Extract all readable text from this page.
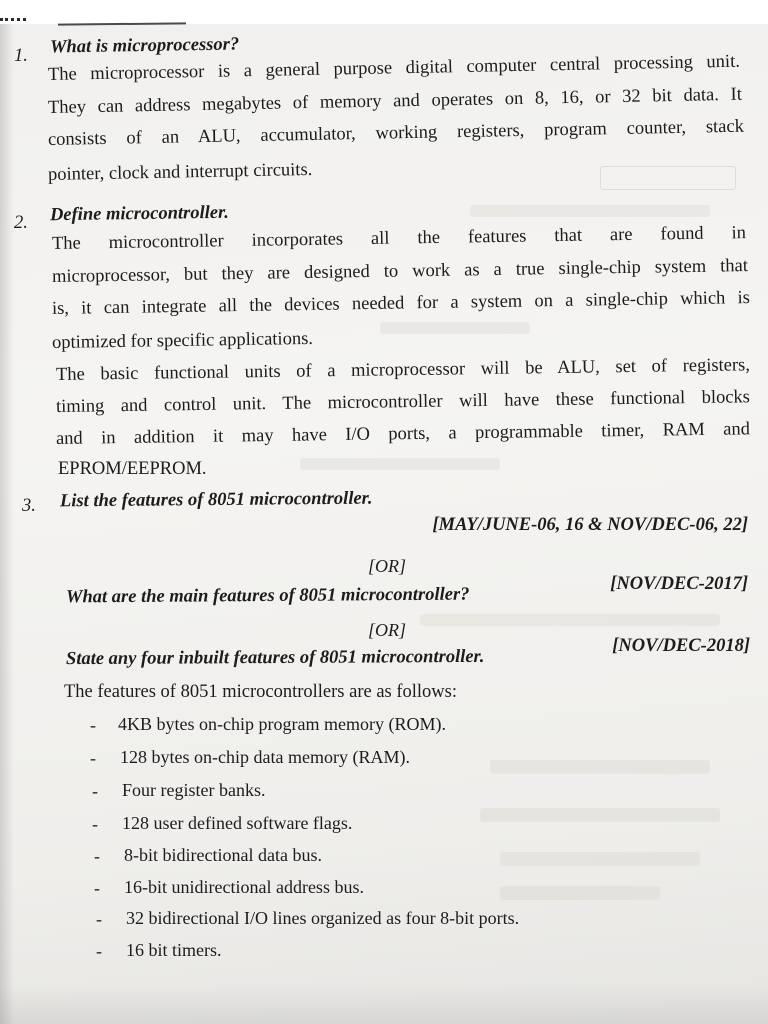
1. What is microprocessor?
The microprocessor is a general purpose digital computer central processing unit.
They can address megabytes of memory and operates on 8, 16, or 32 bit data. It
consists of an ALU, accumulator, working registers, program counter, stack
pointer, clock and interrupt circuits.
2. Define microcontroller.
The microcontroller incorporates all the features that are found in
microprocessor, but they are designed to work as a true single-chip system that
is, it can integrate all the devices needed for a system on a single-chip which is
optimized for specific applications.
The basic functional units of a microprocessor will be ALU, set of registers,
timing and control unit. The microcontroller will have these functional blocks
and in addition it may have I/O ports, a programmable timer, RAM and
EPROM/EEPROM.
3. List the features of 8051 microcontroller.
[MAY/JUNE-06, 16 & NOV/DEC-06, 22]
[OR]
What are the main features of 8051 microcontroller?
[NOV/DEC-2017]
[OR]
State any four inbuilt features of 8051 microcontroller.
[NOV/DEC-2018]
The features of 8051 microcontrollers are as follows:
- 4KB bytes on-chip program memory (ROM).
- 128 bytes on-chip data memory (RAM).
- Four register banks.
- 128 user defined software flags.
- 8-bit bidirectional data bus.
- 16-bit unidirectional address bus.
- 32 bidirectional I/O lines organized as four 8-bit ports.
- 16 bit timers.
